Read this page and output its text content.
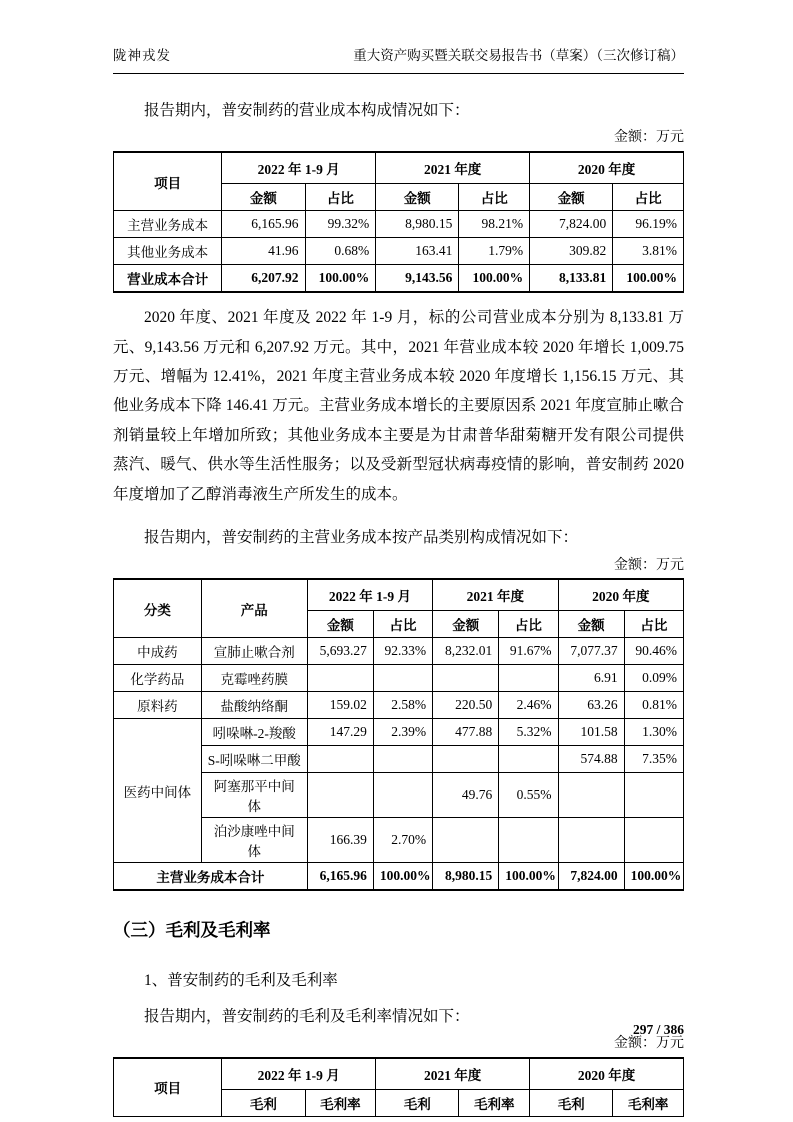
陇神戎发	重大资产购买暨关联交易报告书（草案）（三次修订稿）

报告期内，普安制药的营业成本构成情况如下：

金额：万元
项目	2022 年 1-9 月		2021 年度		2020 年度	
	金额	占比	金额	占比	金额	占比
主营业务成本	6,165.96	99.32%	8,980.15	98.21%	7,824.00	96.19%
其他业务成本	41.96	0.68%	163.41	1.79%	309.82	3.81%
营业成本合计	6,207.92	100.00%	9,143.56	100.00%	8,133.81	100.00%

2020 年度、2021 年度及 2022 年 1-9 月，标的公司营业成本分别为 8,133.81 万元、9,143.56 万元和 6,207.92 万元。其中，2021 年营业成本较 2020 年增长 1,009.75 万元、增幅为 12.41%，2021 年度主营业务成本较 2020 年度增长 1,156.15 万元、其他业务成本下降 146.41 万元。主营业务成本增长的主要原因系 2021 年度宣肺止嗽合剂销量较上年增加所致；其他业务成本主要是为甘肃普华甜菊糖开发有限公司提供蒸汽、暖气、供水等生活性服务；以及受新型冠状病毒疫情的影响，普安制药 2020 年度增加了乙醇消毒液生产所发生的成本。

报告期内，普安制药的主营业务成本按产品类别构成情况如下：

金额：万元
分类	产品	2022 年 1-9 月		2021 年度		2020 年度	
		金额	占比	金额	占比	金额	占比
中成药	宣肺止嗽合剂	5,693.27	92.33%	8,232.01	91.67%	7,077.37	90.46%
化学药品	克霉唑药膜					6.91	0.09%
原料药	盐酸纳络酮	159.02	2.58%	220.50	2.46%	63.26	0.81%
医药中间体	吲哚啉-2-羧酸	147.29	2.39%	477.88	5.32%	101.58	1.30%
	S-吲哚啉二甲酸					574.88	7.35%
	阿塞那平中间体			49.76	0.55%		
	泊沙康唑中间体	166.39	2.70%				
主营业务成本合计		6,165.96	100.00%	8,980.15	100.00%	7,824.00	100.00%
（三）毛利及毛利率

1、普安制药的毛利及毛利率

报告期内，普安制药的毛利及毛利率情况如下：

金额：万元
项目	2022 年 1-9 月		2021 年度		2020 年度	
	毛利	毛利率	毛利	毛利率	毛利	毛利率
297 / 386
